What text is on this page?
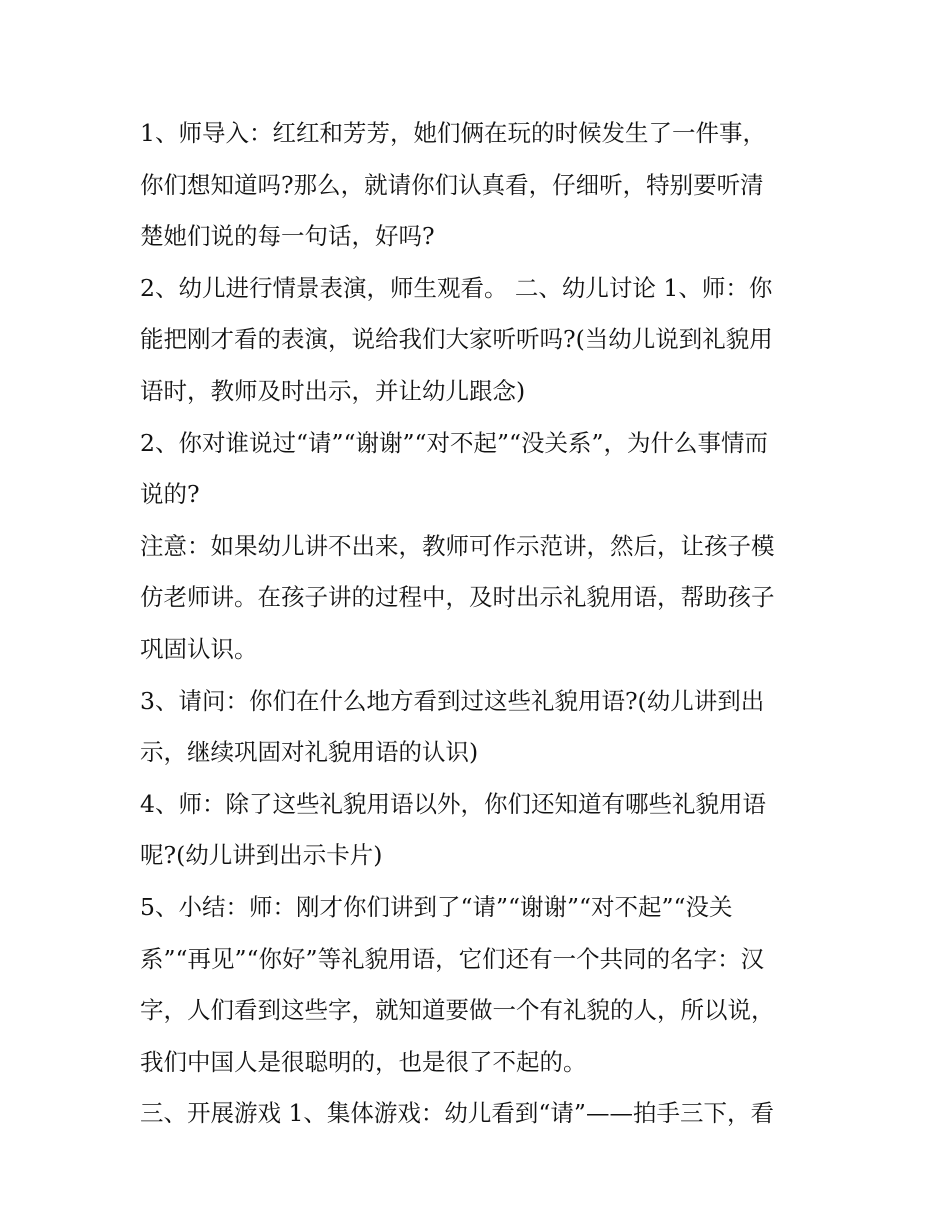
1、师导入：红红和芳芳，她们俩在玩的时候发生了一件事，
你们想知道吗?那么，就请你们认真看，仔细听，特别要听清
楚她们说的每一句话，好吗?
2、幼儿进行情景表演，师生观看。 二、幼儿讨论 1、师：你
能把刚才看的表演，说给我们大家听听吗?(当幼儿说到礼貌用
语时，教师及时出示，并让幼儿跟念)
2、你对谁说过“请”“谢谢”“对不起”“没关系”，为什么事情而
说的?
注意：如果幼儿讲不出来，教师可作示范讲，然后，让孩子模
仿老师讲。在孩子讲的过程中，及时出示礼貌用语，帮助孩子
巩固认识。
3、请问：你们在什么地方看到过这些礼貌用语?(幼儿讲到出
示，继续巩固对礼貌用语的认识)
4、师：除了这些礼貌用语以外，你们还知道有哪些礼貌用语
呢?(幼儿讲到出示卡片)
5、小结：师：刚才你们讲到了“请”“谢谢”“对不起”“没关
系”“再见”“你好”等礼貌用语，它们还有一个共同的名字：汉
字，人们看到这些字，就知道要做一个有礼貌的人，所以说，
我们中国人是很聪明的，也是很了不起的。
三、开展游戏 1、集体游戏：幼儿看到“请”——拍手三下，看
